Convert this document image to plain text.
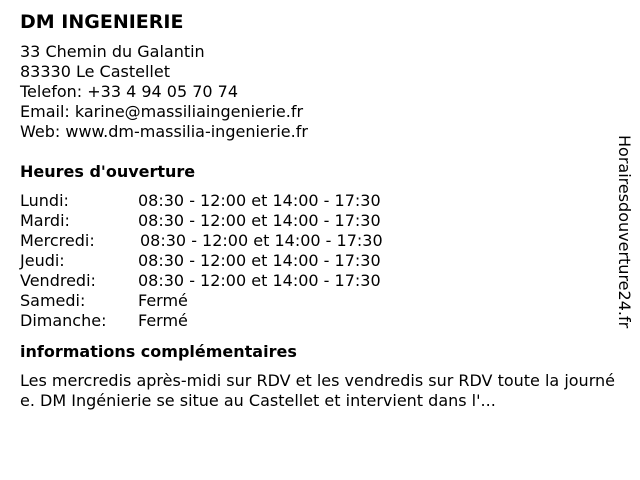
DM INGENIERIE
33 Chemin du Galantin
83330 Le Castellet
Telefon: +33 4 94 05 70 74
Email: karine@massiliaingenierie.fr
Web: www.dm-massilia-ingenierie.fr
Heures d'ouverture
Lundi:	08:30 - 12:00 et 14:00 - 17:30
Mardi:	08:30 - 12:00 et 14:00 - 17:30
Mercredi:	08:30 - 12:00 et 14:00 - 17:30
Jeudi:	08:30 - 12:00 et 14:00 - 17:30
Vendredi:	08:30 - 12:00 et 14:00 - 17:30
Samedi:	Fermé
Dimanche: Fermé
informations complémentaires
Les mercredis après-midi sur RDV et les vendredis sur RDV toute la journée. DM Ingénierie se situe au Castellet et intervient dans l'...
Horairesdouverture24.fr
